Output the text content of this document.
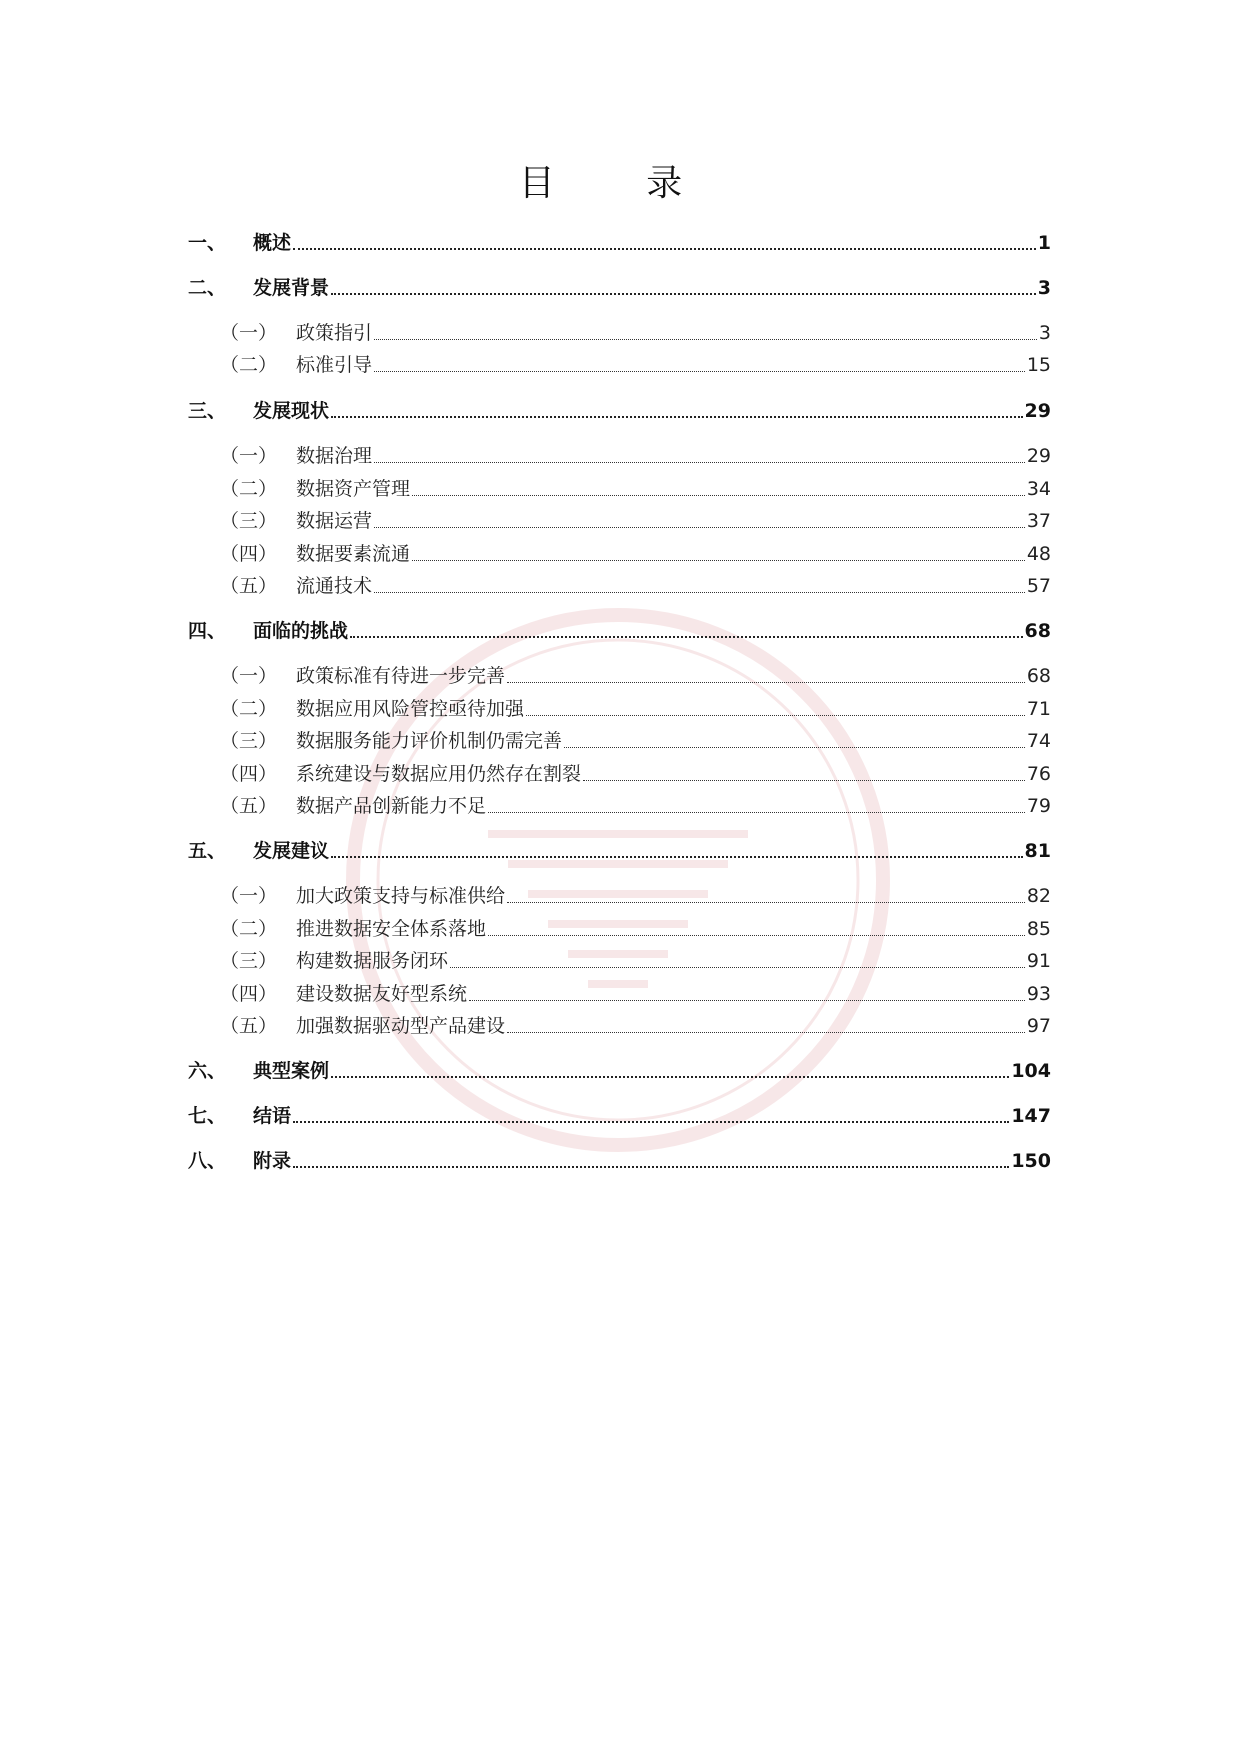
目 录
一、	概述	1
二、	发展背景	3
（一） 政策指引	3
（二） 标准引导	15
三、	发展现状	29
（一） 数据治理	29
（二） 数据资产管理	34
（三） 数据运营	37
（四） 数据要素流通	48
（五） 流通技术	57
四、	面临的挑战	68
（一） 政策标准有待进一步完善	68
（二） 数据应用风险管控亟待加强	71
（三） 数据服务能力评价机制仍需完善	74
（四） 系统建设与数据应用仍然存在割裂	76
（五） 数据产品创新能力不足	79
五、	发展建议	81
（一） 加大政策支持与标准供给	82
（二） 推进数据安全体系落地	85
（三） 构建数据服务闭环	91
（四） 建设数据友好型系统	93
（五） 加强数据驱动型产品建设	97
六、	典型案例	104
七、	结语	147
八、	附录	150
